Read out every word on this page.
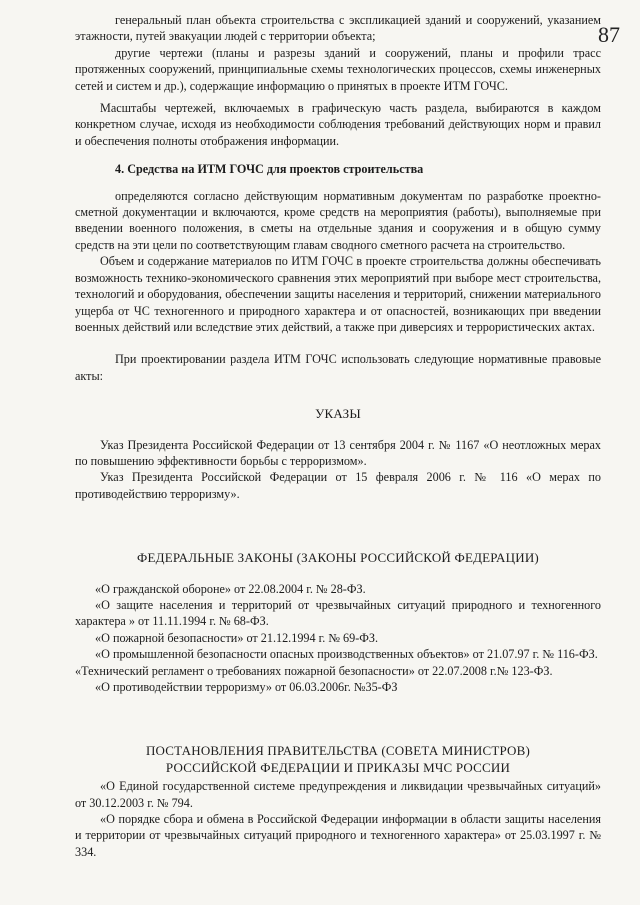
87

генеральный план объекта строительства с экспликацией зданий и сооружений, указанием этажности, путей эвакуации людей с территории объекта;

другие чертежи (планы и разрезы зданий и сооружений, планы и профили трасс протяженных сооружений, принципиальные схемы технологических процессов, схемы инженерных сетей и систем и др.), содержащие информацию о принятых в проекте ИТМ ГОЧС.

Масштабы чертежей, включаемых в графическую часть раздела, выбираются в каждом конкретном случае, исходя из необходимости соблюдения требований действующих норм и правил и обеспечения полноты отображения информации.

4. Средства на ИТМ ГОЧС для проектов строительства

определяются согласно действующим нормативным документам по разработке проектно-сметной документации и включаются, кроме средств на мероприятия (работы), выполняемые при введении военного положения, в сметы на отдельные здания и сооружения и в общую сумму средств на эти цели по соответствующим главам сводного сметного расчета на строительство.

Объем и содержание материалов по ИТМ ГОЧС в проекте строительства должны обеспечивать возможность технико-экономического сравнения этих мероприятий при выборе мест строительства, технологий и оборудования, обеспечении защиты населения и территорий, снижении материального ущерба от ЧС техногенного и природного характера и от опасностей, возникающих при введении военных действий или вследствие этих действий, а также при диверсиях и террористических актах.

При проектировании раздела ИТМ ГОЧС использовать следующие нормативные правовые акты:

УКАЗЫ

Указ Президента Российской Федерации от 13 сентября 2004 г. № 1167 «О неотложных мерах по повышению эффективности борьбы с терроризмом».

Указ Президента Российской Федерации от 15 февраля 2006 г. № 116 «О мерах по противодействию терроризму».

ФЕДЕРАЛЬНЫЕ ЗАКОНЫ (ЗАКОНЫ РОССИЙСКОЙ ФЕДЕРАЦИИ)

«О гражданской обороне» от 22.08.2004 г. № 28-ФЗ.

«О защите населения и территорий от чрезвычайных ситуаций природного и техногенного характера » от 11.11.1994 г. № 68-ФЗ.

«О пожарной безопасности» от 21.12.1994 г. № 69-ФЗ.

«О промышленной безопасности опасных производственных объектов» от 21.07.97 г. № 116-ФЗ.

«Технический регламент о требованиях пожарной безопасности» от 22.07.2008 г.№ 123-ФЗ.

«О противодействии терроризму» от 06.03.2006г. №35-ФЗ

ПОСТАНОВЛЕНИЯ ПРАВИТЕЛЬСТВА (СОВЕТА МИНИСТРОВ)
РОССИЙСКОЙ ФЕДЕРАЦИИ И ПРИКАЗЫ МЧС РОССИИ

«О Единой государственной системе предупреждения и ликвидации чрезвычайных ситуаций» от 30.12.2003 г. № 794.

«О порядке сбора и обмена в Российской Федерации информации в области защиты населения и территории от чрезвычайных ситуаций природного и техногенного характера» от 25.03.1997 г. № 334.
